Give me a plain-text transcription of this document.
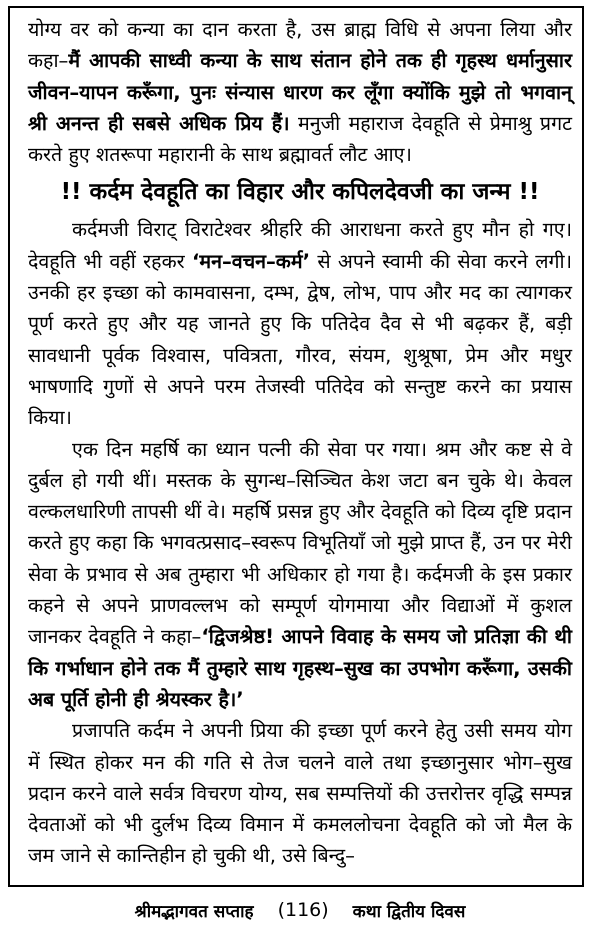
योग्य वर को कन्या का दान करता है, उस ब्राह्म विधि से अपना लिया और कहा–मैं आपकी साध्वी कन्या के साथ संतान होने तक ही गृहस्थ धर्मानुसार जीवन–यापन करूँगा, पुनः संन्यास धारण कर लूँगा क्योंकि मुझे तो भगवान् श्री अनन्त ही सबसे अधिक प्रिय हैं। मनुजी महाराज देवहूति से प्रेमाश्रु प्रगट करते हुए शतरूपा महारानी के साथ ब्रह्मावर्त लौट आए।

!! कर्दम देवहूति का विहार और कपिलदेवजी का जन्म !!

कर्दमजी विराट् विराटेश्वर श्रीहरि की आराधना करते हुए मौन हो गए। देवहूति भी वहीं रहकर ‘मन–वचन–कर्म’ से अपने स्वामी की सेवा करने लगी। उनकी हर इच्छा को कामवासना, दम्भ, द्वेष, लोभ, पाप और मद का त्यागकर पूर्ण करते हुए और यह जानते हुए कि पतिदेव दैव से भी बढ़कर हैं, बड़ी सावधानी पूर्वक विश्वास, पवित्रता, गौरव, संयम, शुश्रूषा, प्रेम और मधुर भाषणादि गुणों से अपने परम तेजस्वी पतिदेव को सन्तुष्ट करने का प्रयास किया।

एक दिन महर्षि का ध्यान पत्नी की सेवा पर गया। श्रम और कष्ट से वे दुर्बल हो गयी थीं। मस्तक के सुगन्ध–सिञ्चित केश जटा बन चुके थे। केवल वल्कलधारिणी तापसी थीं वे। महर्षि प्रसन्न हुए और देवहूति को दिव्य दृष्टि प्रदान करते हुए कहा कि भगवत्प्रसाद–स्वरूप विभूतियाँ जो मुझे प्राप्त हैं, उन पर मेरी सेवा के प्रभाव से अब तुम्हारा भी अधिकार हो गया है। कर्दमजी के इस प्रकार कहने से अपने प्राणवल्लभ को सम्पूर्ण योगमाया और विद्याओं में कुशल जानकर देवहूति ने कहा–‘द्विजश्रेष्ठ! आपने विवाह के समय जो प्रतिज्ञा की थी कि गर्भाधान होने तक मैं तुम्हारे साथ गृहस्थ–सुख का उपभोग करूँगा, उसकी अब पूर्ति होनी ही श्रेयस्कर है।’

प्रजापति कर्दम ने अपनी प्रिया की इच्छा पूर्ण करने हेतु उसी समय योग में स्थित होकर मन की गति से तेज चलने वाले तथा इच्छानुसार भोग–सुख प्रदान करने वाले सर्वत्र विचरण योग्य, सब सम्पत्तियों की उत्तरोत्तर वृद्धि सम्पन्न देवताओं को भी दुर्लभ दिव्य विमान में कमललोचना देवहूति को जो मैल के जम जाने से कान्तिहीन हो चुकी थी, उसे बिन्दु–

श्रीमद्भागवत सप्ताह (116) कथा द्वितीय दिवस
